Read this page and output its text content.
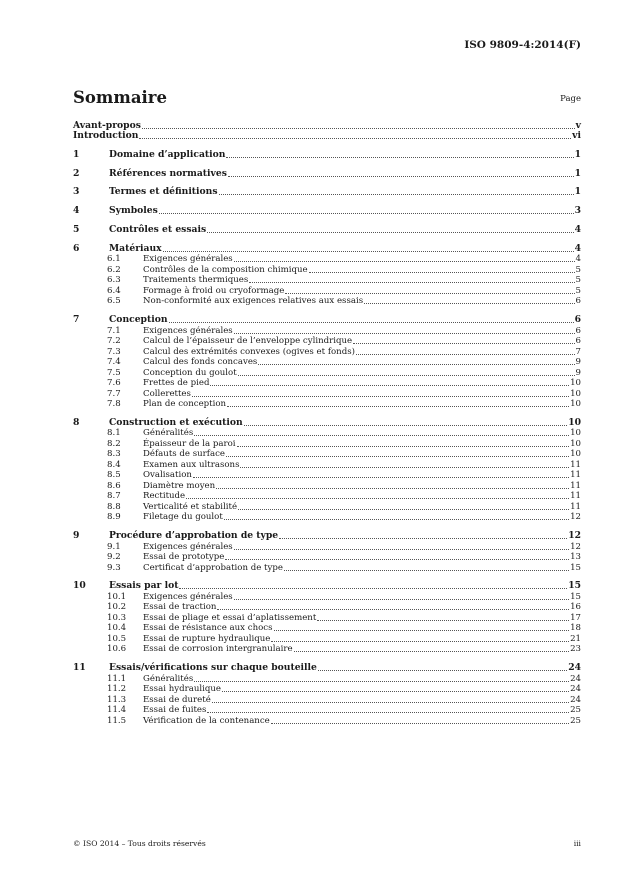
ISO 9809-4:2014(F)
Sommaire	Page
Avant-propos	v
Introduction	vi
1	Domaine d’application	1
2	Références normatives	1
3	Termes et définitions	1
4	Symboles	3
5	Contrôles et essais	4
6	Matériaux	4
6.1	Exigences générales	4
6.2	Contrôles de la composition chimique	5
6.3	Traitements thermiques	5
6.4	Formage à froid ou cryoformage	5
6.5	Non-conformité aux exigences relatives aux essais	6
7	Conception	6
7.1	Exigences générales	6
7.2	Calcul de l’épaisseur de l’enveloppe cylindrique	6
7.3	Calcul des extrémités convexes (ogives et fonds)	7
7.4	Calcul des fonds concaves	9
7.5	Conception du goulot	9
7.6	Frettes de pied	10
7.7	Collerettes	10
7.8	Plan de conception	10
8	Construction et exécution	10
8.1	Généralités	10
8.2	Épaisseur de la paroi	10
8.3	Défauts de surface	10
8.4	Examen aux ultrasons	11
8.5	Ovalisation	11
8.6	Diamètre moyen	11
8.7	Rectitude	11
8.8	Verticalité et stabilité	11
8.9	Filetage du goulot	12
9	Procédure d’approbation de type	12
9.1	Exigences générales	12
9.2	Essai de prototype	13
9.3	Certificat d’approbation de type	15
10	Essais par lot	15
10.1	Exigences générales	15
10.2	Essai de traction	16
10.3	Essai de pliage et essai d’aplatissement	17
10.4	Essai de résistance aux chocs	18
10.5	Essai de rupture hydraulique	21
10.6	Essai de corrosion intergranulaire	23
11	Essais/vérifications sur chaque bouteille	24
11.1	Généralités	24
11.2	Essai hydraulique	24
11.3	Essai de dureté	24
11.4	Essai de fuites	25
11.5	Vérification de la contenance	25
© ISO 2014 – Tous droits réservés	iii
